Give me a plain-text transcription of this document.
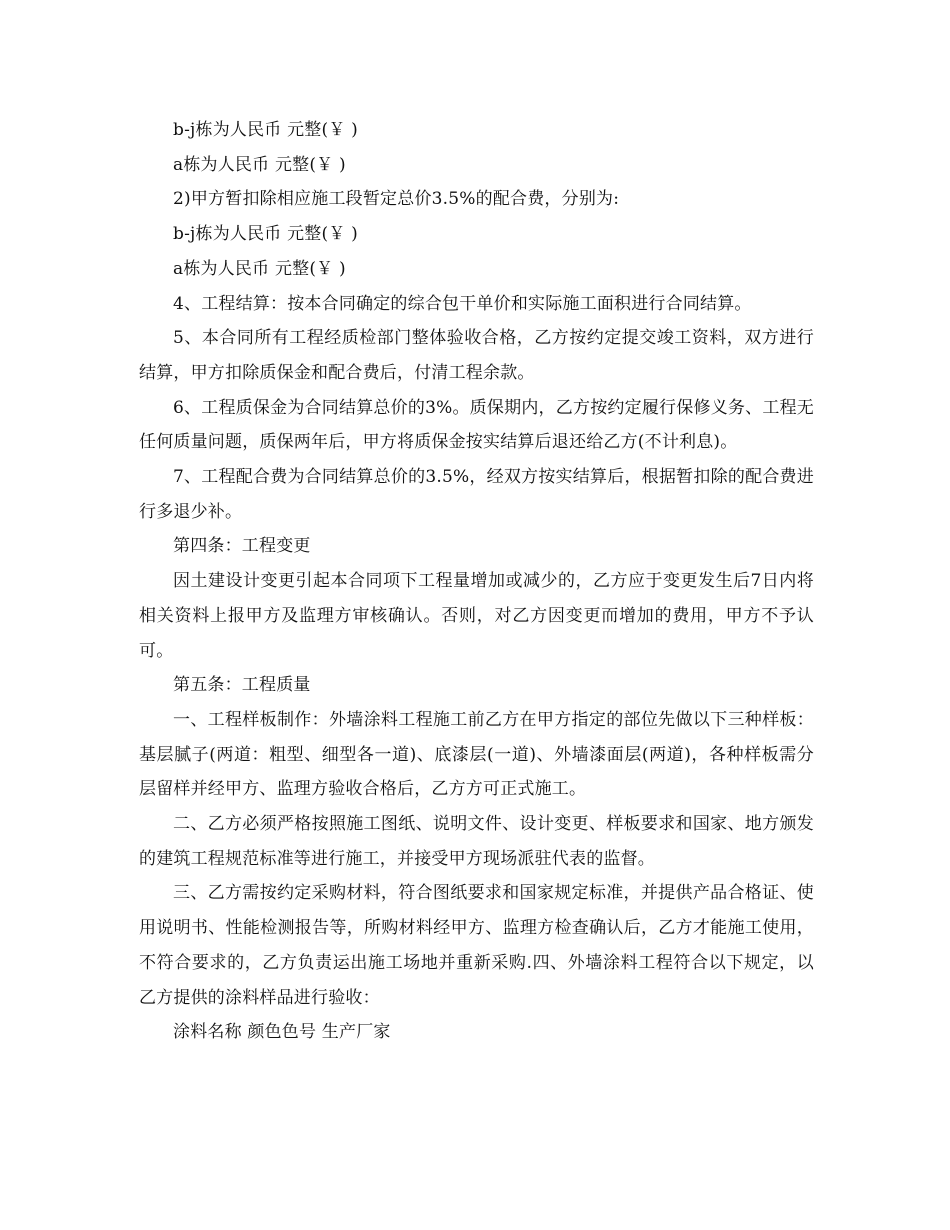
b-j栋为人民币 元整(￥ )

a栋为人民币 元整(￥ )

2)甲方暂扣除相应施工段暂定总价3.5%的配合费，分别为:

b-j栋为人民币 元整(￥ )

a栋为人民币 元整(￥ )

4、工程结算：按本合同确定的综合包干单价和实际施工面积进行合同结算。

5、本合同所有工程经质检部门整体验收合格，乙方按约定提交竣工资料，双方进行结算，甲方扣除质保金和配合费后，付清工程余款。

6、工程质保金为合同结算总价的3%。质保期内，乙方按约定履行保修义务、工程无任何质量问题，质保两年后，甲方将质保金按实结算后退还给乙方(不计利息)。

7、工程配合费为合同结算总价的3.5%，经双方按实结算后，根据暂扣除的配合费进行多退少补。

第四条：工程变更

因土建设计变更引起本合同项下工程量增加或减少的，乙方应于变更发生后7日内将相关资料上报甲方及监理方审核确认。否则，对乙方因变更而增加的费用，甲方不予认可。

第五条：工程质量

一、工程样板制作：外墙涂料工程施工前乙方在甲方指定的部位先做以下三种样板：基层腻子(两道：粗型、细型各一道)、底漆层(一道)、外墙漆面层(两道)，各种样板需分层留样并经甲方、监理方验收合格后，乙方方可正式施工。

二、乙方必须严格按照施工图纸、说明文件、设计变更、样板要求和国家、地方颁发的建筑工程规范标准等进行施工，并接受甲方现场派驻代表的监督。

三、乙方需按约定采购材料，符合图纸要求和国家规定标准，并提供产品合格证、使用说明书、性能检测报告等，所购材料经甲方、监理方检查确认后，乙方才能施工使用，不符合要求的，乙方负责运出施工场地并重新采购.四、外墙涂料工程符合以下规定，以乙方提供的涂料样品进行验收：

涂料名称 颜色色号 生产厂家
